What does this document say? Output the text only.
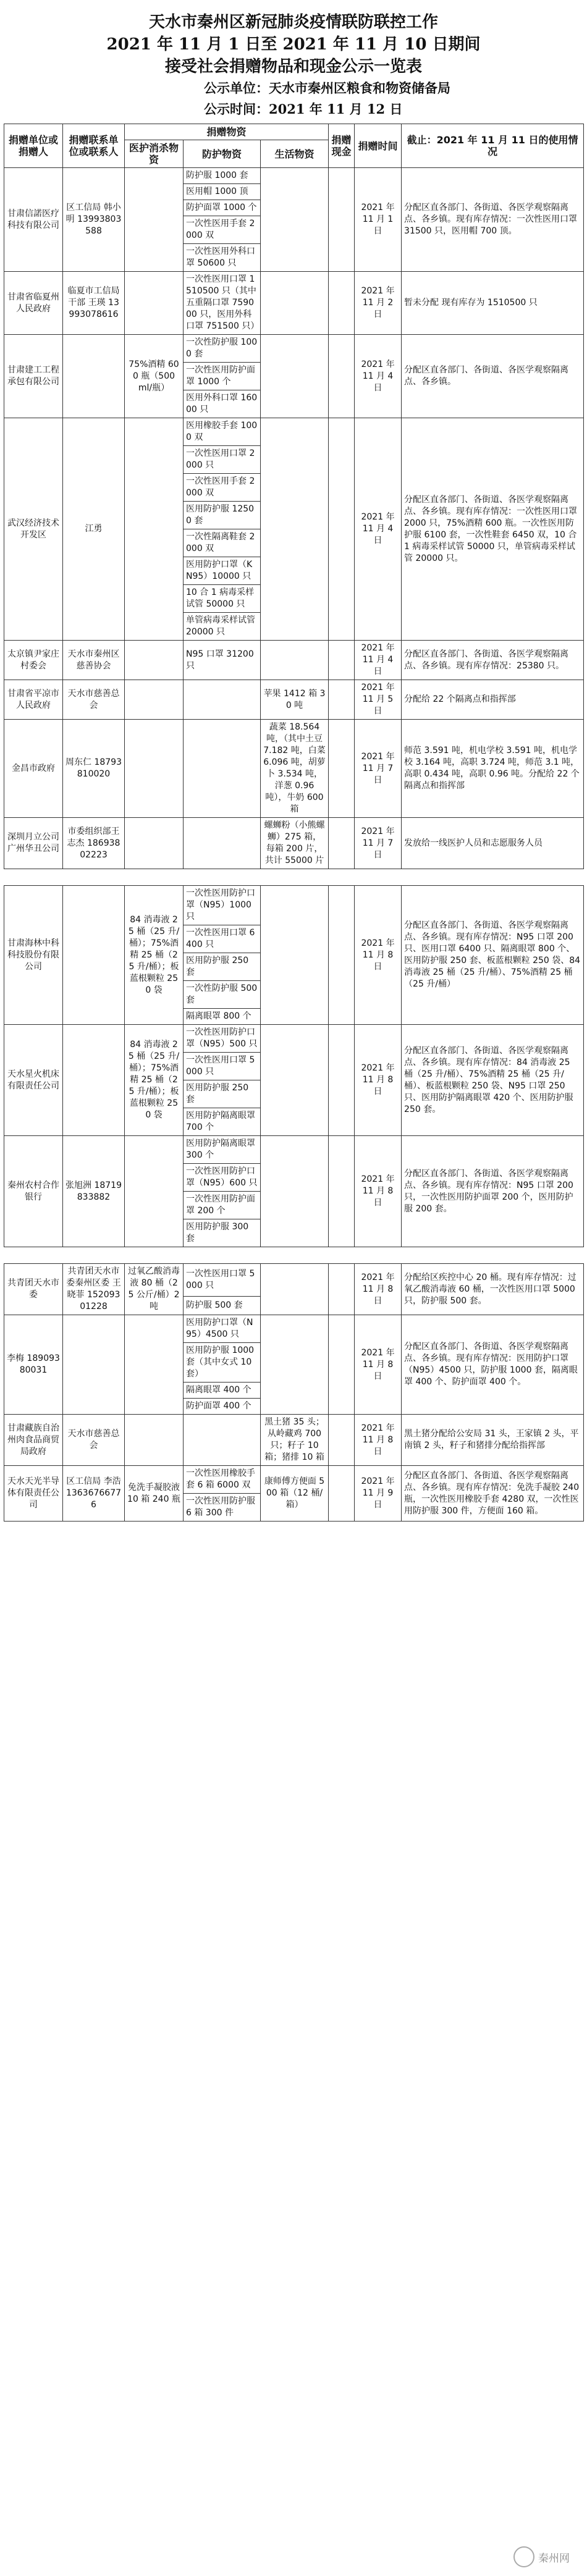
天水市秦州区新冠肺炎疫情联防联控工作
2021 年 11 月 1 日至 2021 年 11 月 10 日期间
接受社会捐赠物品和现金公示一览表
公示单位：天水市秦州区粮食和物资储备局
公示时间：2021 年 11 月 12 日
捐赠单位或捐赠人	捐赠联系单位或联系人	捐赠物资			捐赠现金	捐赠时间	截止：2021 年 11 月 11 日的使用情况
		医护消杀物资	防护物资	生活物资			
甘肃信諾医疗科技有限公司	区工信局 韩小明 13993803588		防护服 1000 套			2021 年 11 月 1 日	分配区直各部门、各街道、各医学观察隔离点、各乡镇。现有库存情况：一次性医用口罩 31500 只，医用帽 700 顶。
			医用帽 1000 顶				
			防护面罩 1000 个				
			一次性医用手套 2000 双				
			一次性医用外科口罩 50600 只				
甘肃省临夏州人民政府	临夏市工信局干部 王瑛 13993078616		一次性医用口罩 1510500 只（其中五重隔口罩 759000 只，医用外科口罩 751500 只）			2021 年 11 月 2 日	暂未分配 现有库存为 1510500 只
甘肃建工工程承包有限公司		75%酒精 600 瓶（500 ml/瓶）	一次性防护服 1000 套			2021 年 11 月 4 日	分配区直各部门、各街道、各医学观察隔离点、各乡镇。
			一次性医用防护面罩 1000 个				
			医用外科口罩 16000 只				
武汉经济技术开发区	江勇		医用橡胶手套 1000 双			2021 年 11 月 4 日	分配区直各部门、各街道、各医学观察隔离点、各乡镇。现有库存情况：一次性医用口罩 2000 只，75%酒精 600 瓶。一次性医用防护服 6100 套，一次性鞋套 6450 双，10 合 1 病毒采样试管 50000 只，单管病毒采样试管 20000 只。
			一次性医用口罩 2000 只				
			一次性医用手套 2000 双				
			医用防护服 12500 套				
			一次性隔离鞋套 2000 双				
			医用防护口罩（KN95）10000 只				
			10 合 1 病毒采样试管 50000 只				
			单管病毒采样试管 20000 只				
太京镇尹家庄村委会	天水市秦州区慈善协会		N95 口罩 31200 只			2021 年 11 月 4 日	分配区直各部门、各街道、各医学观察隔离点、各乡镇。现有库存情况：25380 只。
甘肃省平凉市人民政府	天水市慈善总会			苹果 1412 箱 30 吨		2021 年 11 月 5 日	分配给 22 个隔离点和指挥部
金昌市政府	周东仁 18793810020			蔬菜 18.564 吨，（其中土豆 7.182 吨，白菜 6.096 吨，胡萝卜 3.534 吨，洋葱 0.96 吨），牛奶 600 箱		2021 年 11 月 7 日	师范 3.591 吨，机电学校 3.591 吨，机电学校 3.164 吨，高职 3.724 吨，师范 3.1 吨，高职 0.434 吨，高职 0.96 吨。分配给 22 个隔离点和指挥部
深圳月立公司广州华丑公司	市委组织部王志杰 18693802223			螺蛳粉（小熊螺蛳）275 箱，每箱 200 片，共计 55000 片		2021 年 11 月 7 日	发放给一线医护人员和志愿服务人员

甘肃海林中科科技股份有限公司		84 消毒液 25 桶（25 升/桶）；75%酒精 25 桶（25 升/桶）；板蓝根颗粒 250 袋	一次性医用防护口罩（N95）1000 只			2021 年 11 月 8 日	分配区直各部门、各街道、各医学观察隔离点、各乡镇。现有库存情况：N95 口罩 200 只、医用口罩 6400 只、隔离眼罩 800 个、医用防护服 250 套、板蓝根颗粒 250 袋、84 消毒液 25 桶（25 升/桶）、75%酒精 25 桶（25 升/桶）
			一次性医用口罩 6400 只				
			医用防护服 250 套				
			一次性防护服 500 套				
			隔离眼罩 800 个				
天水星火机床有限责任公司		84 消毒液 25 桶（25 升/桶）；75%酒精 25 桶（25 升/桶）；板蓝根颗粒 250 袋	一次性医用防护口罩（N95）500 只			2021 年 11 月 8 日	分配区直各部门、各街道、各医学观察隔离点、各乡镇。现有库存情况：84 消毒液 25 桶（25 升/桶）、75%酒精 25 桶（25 升/桶）、板蓝根颗粒 250 袋、N95 口罩 250 只、医用防护隔离眼罩 420 个、医用防护服 250 套。
			一次性医用口罩 5000 只				
			医用防护服 250 套				
			医用防护隔离眼罩 700 个				
秦州农村合作银行	张旭洲 18719833882		医用防护隔离眼罩 300 个			2021 年 11 月 8 日	分配区直各部门、各街道、各医学观察隔离点、各乡镇。现有库存情况：N95 口罩 200 只，一次性医用防护面罩 200 个，医用防护服 200 套。
			一次性医用防护口罩（N95）600 只				
			一次性医用防护面罩 200 个				
			医用防护服 300 套				

共青团天水市委	共青团天水市委秦州区委 王晓菲 15209301228	过氧乙酸消毒液 80 桶（25 公斤/桶）2 吨	一次性医用口罩 5000 只			2021 年 11 月 8 日	分配给区疾控中心 20 桶。现有库存情况：过氧乙酸消毒液 60 桶，一次性医用口罩 5000 只，防护服 500 套。
			防护服 500 套				
李梅 18909380031			医用防护口罩（N95）4500 只			2021 年 11 月 8 日	分配区直各部门、各街道、各医学观察隔离点、各乡镇。现有库存情况：医用防护口罩（N95）4500 只，防护服 1000 套，隔离眼罩 400 个、防护面罩 400 个。
			医用防护服 1000 套（其中女式 10 套）				
			隔离眼罩 400 个				
			防护面罩 400 个				
甘肃藏族自治州肉食品商贸局政府	天水市慈善总会			黑土猪 35 头；从岭藏鸡 700 只；籽子 10 箱；猪排 10 箱		2021 年 11 月 8 日	黑土猪分配给公安局 31 头，王家镇 2 头，平南镇 2 头，籽子和猪排分配给指挥部
天水天光半导体有限责任公司	区工信局 李浩 13636766776	免洗手凝胶液 10 箱 240 瓶	一次性医用橡胶手套 6 箱 6000 双	康师傅方便面 500 箱（12 桶/箱）		2021 年 11 月 9 日	分配区直各部门、各街道、各医学观察隔离点、各乡镇。现有库存情况：免洗手凝胶 240 瓶，一次性医用橡胶手套 4280 双，一次性医用防护服 300 件，方便面 160 箱。
			一次性医用防护服 6 箱 300 件				
秦州网
